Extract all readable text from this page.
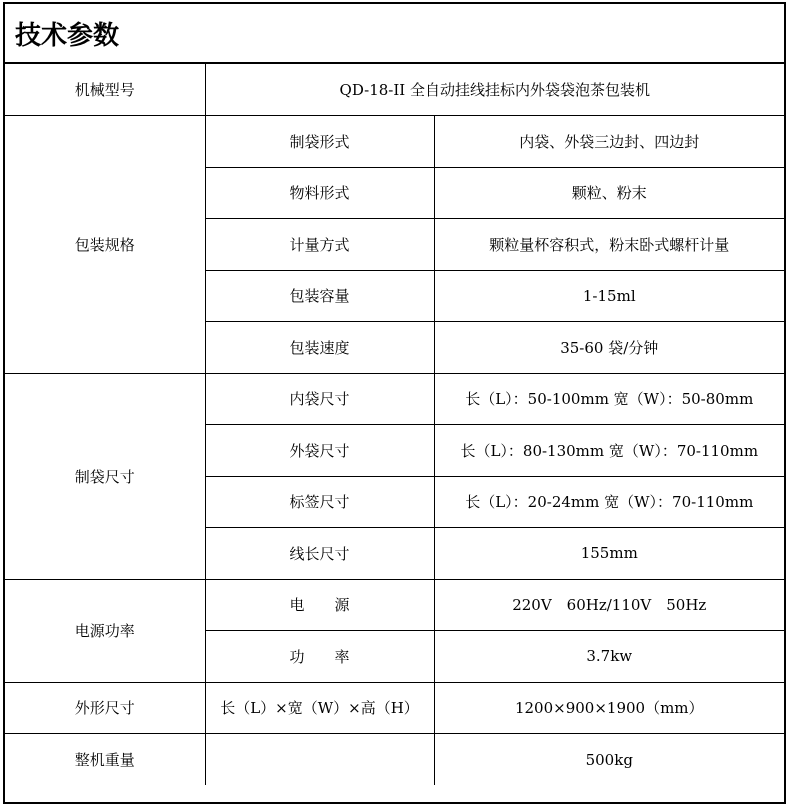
技术参数
机械型号	QD-18-II 全自动挂线挂标内外袋袋泡茶包装机	
包装规格	制袋形式	内袋、外袋三边封、四边封
	物料形式	颗粒、粉末
	计量方式	颗粒量杯容积式，粉末卧式螺杆计量
	包装容量	1-15ml
	包装速度	35-60 袋/分钟
制袋尺寸	内袋尺寸	长（L）：50-100mm 宽（W）：50-80mm
	外袋尺寸	长（L）：80-130mm 宽（W）：70-110mm
	标签尺寸	长（L）：20-24mm 宽（W）：70-110mm
	线长尺寸	155mm
电源功率	电　　源	220V　60Hz/110V　50Hz
	功　　率	3.7kw
外形尺寸	长（L）×宽（W）×高（H）	1200×900×1900（mm）
整机重量		500kg
